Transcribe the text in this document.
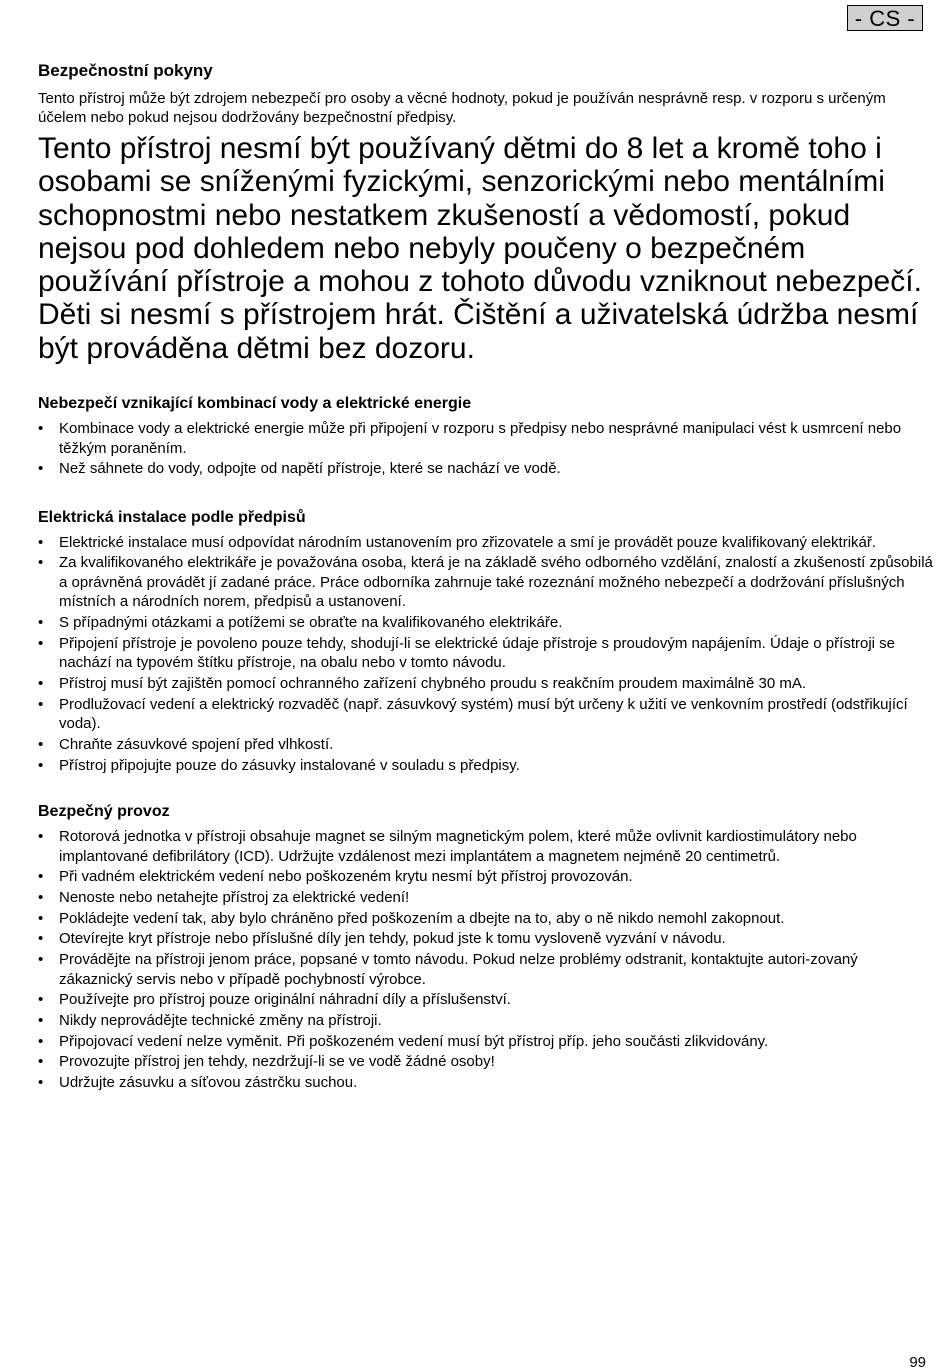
- CS -
Bezpečnostní pokyny

Tento přístroj může být zdrojem nebezpečí pro osoby a věcné hodnoty, pokud je používán nesprávně resp. v rozporu s určeným účelem nebo pokud nejsou dodržovány bezpečnostní předpisy.

Tento přístroj nesmí být používaný dětmi do 8 let a kromě toho i osobami se sníženými fyzickými, senzorickými nebo mentálními schopnostmi nebo nestatkem zkušeností a vědomostí, pokud nejsou pod dohledem nebo nebyly poučeny o bezpečném používání přístroje a mohou z tohoto důvodu vzniknout nebezpečí. Děti si nesmí s přístrojem hrát. Čištění a uživatelská údržba nesmí být prováděna dětmi bez dozoru.

Nebezpečí vznikající kombinací vody a elektrické energie
• Kombinace vody a elektrické energie může při připojení v rozporu s předpisy nebo nesprávné manipulaci vést k usmrcení nebo těžkým poraněním.
• Než sáhnete do vody, odpojte od napětí přístroje, které se nachází ve vodě.
Elektrická instalace podle předpisů
• Elektrické instalace musí odpovídat národním ustanovením pro zřizovatele a smí je provádět pouze kvalifikovaný elektrikář.
• Za kvalifikovaného elektrikáře je považována osoba, která je na základě svého odborného vzdělání, znalostí a zkušeností způsobilá a oprávněná provádět jí zadané práce. Práce odborníka zahrnuje také rozeznání možného nebezpečí a dodržování příslušných místních a národních norem, předpisů a ustanovení.
• S případnými otázkami a potížemi se obraťte na kvalifikovaného elektrikáře.
• Připojení přístroje je povoleno pouze tehdy, shodují-li se elektrické údaje přístroje s proudovým napájením. Údaje o přístroji se nachází na typovém štítku přístroje, na obalu nebo v tomto návodu.
• Přístroj musí být zajištěn pomocí ochranného zařízení chybného proudu s reakčním proudem maximálně 30 mA.
• Prodlužovací vedení a elektrický rozvaděč (např. zásuvkový systém) musí být určeny k užití ve venkovním prostředí (odstřikující voda).
• Chraňte zásuvkové spojení před vlhkostí.
• Přístroj připojujte pouze do zásuvky instalované v souladu s předpisy.
Bezpečný provoz
• Rotorová jednotka v přístroji obsahuje magnet se silným magnetickým polem, které může ovlivnit kardiostimulátory nebo implantované defibrilátory (ICD). Udržujte vzdálenost mezi implantátem a magnetem nejméně 20 centimetrů.
• Při vadném elektrickém vedení nebo poškozeném krytu nesmí být přístroj provozován.
• Nenoste nebo netahejte přístroj za elektrické vedení!
• Pokládejte vedení tak, aby bylo chráněno před poškozením a dbejte na to, aby o ně nikdo nemohl zakopnout.
• Otevírejte kryt přístroje nebo příslušné díly jen tehdy, pokud jste k tomu vysloveně vyzvání v návodu.
• Provádějte na přístroji jenom práce, popsané v tomto návodu. Pokud nelze problémy odstranit, kontaktujte autori-zovaný zákaznický servis nebo v případě pochybností výrobce.
• Používejte pro přístroj pouze originální náhradní díly a příslušenství.
• Nikdy neprovádějte technické změny na přístroji.
• Připojovací vedení nelze vyměnit. Při poškozeném vedení musí být přístroj příp. jeho součásti zlikvidovány.
• Provozujte přístroj jen tehdy, nezdržují-li se ve vodě žádné osoby!
• Udržujte zásuvku a síťovou zástrčku suchou.
99
